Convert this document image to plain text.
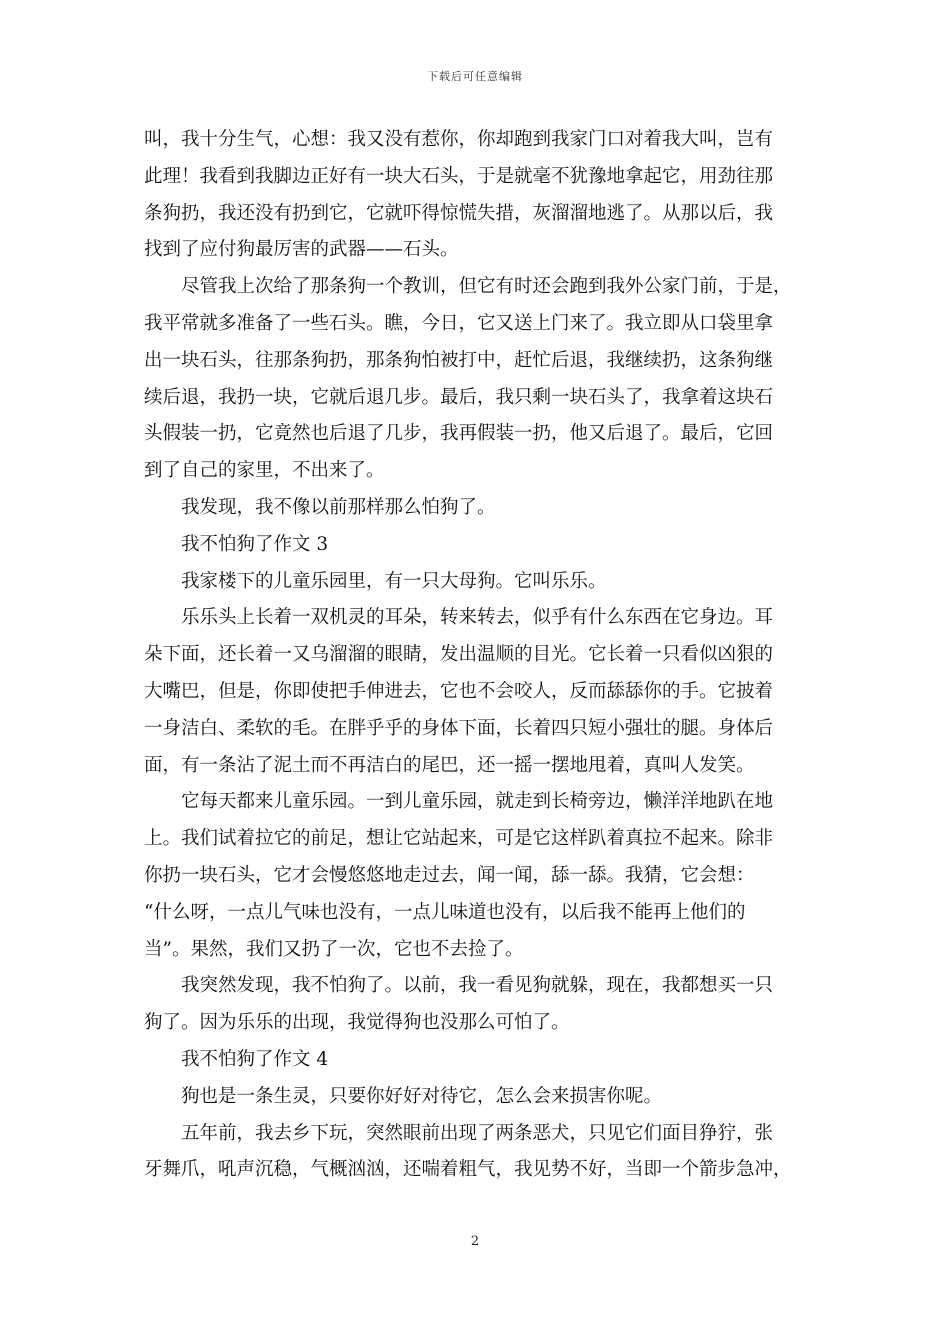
下载后可任意编辑
叫，我十分生气，心想：我又没有惹你，你却跑到我家门口对着我大叫，岂有
此理！我看到我脚边正好有一块大石头，于是就毫不犹豫地拿起它，用劲往那
条狗扔，我还没有扔到它，它就吓得惊慌失措，灰溜溜地逃了。从那以后，我
找到了应付狗最厉害的武器——石头。
尽管我上次给了那条狗一个教训，但它有时还会跑到我外公家门前，于是，
我平常就多准备了一些石头。瞧，今日，它又送上门来了。我立即从口袋里拿
出一块石头，往那条狗扔，那条狗怕被打中，赶忙后退，我继续扔，这条狗继
续后退，我扔一块，它就后退几步。最后，我只剩一块石头了，我拿着这块石
头假装一扔，它竟然也后退了几步，我再假装一扔，他又后退了。最后，它回
到了自己的家里，不出来了。
我发现，我不像以前那样那么怕狗了。
我不怕狗了作文 3
我家楼下的儿童乐园里，有一只大母狗。它叫乐乐。
乐乐头上长着一双机灵的耳朵，转来转去，似乎有什么东西在它身边。耳
朵下面，还长着一又乌溜溜的眼睛，发出温顺的目光。它长着一只看似凶狠的
大嘴巴，但是，你即使把手伸进去，它也不会咬人，反而舔舔你的手。它披着
一身洁白、柔软的毛。在胖乎乎的身体下面，长着四只短小强壮的腿。身体后
面，有一条沾了泥土而不再洁白的尾巴，还一摇一摆地甩着，真叫人发笑。
它每天都来儿童乐园。一到儿童乐园，就走到长椅旁边，懒洋洋地趴在地
上。我们试着拉它的前足，想让它站起来，可是它这样趴着真拉不起来。除非
你扔一块石头，它才会慢悠悠地走过去，闻一闻，舔一舔。我猜，它会想：
“什么呀，一点儿气味也没有，一点儿味道也没有，以后我不能再上他们的
当”。果然，我们又扔了一次，它也不去捡了。
我突然发现，我不怕狗了。以前，我一看见狗就躲，现在，我都想买一只
狗了。因为乐乐的出现，我觉得狗也没那么可怕了。
我不怕狗了作文 4
狗也是一条生灵，只要你好好对待它，怎么会来损害你呢。
五年前，我去乡下玩，突然眼前出现了两条恶犬，只见它们面目狰狞，张
牙舞爪，吼声沉稳，气概汹汹，还喘着粗气，我见势不好，当即一个箭步急冲，
2
